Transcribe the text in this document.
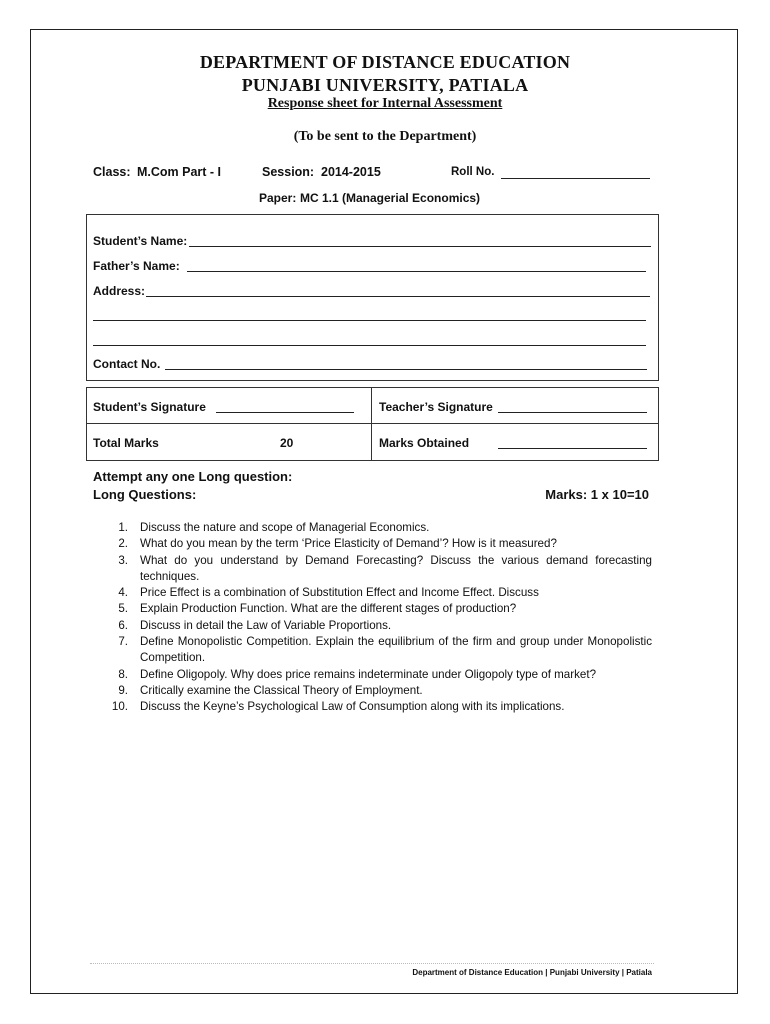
DEPARTMENT OF DISTANCE EDUCATION
PUNJABI UNIVERSITY, PATIALA
Response sheet for Internal Assessment
(To be sent to the Department)
Class: M.Com Part - I	Session: 2014-2015	Roll No.
Paper: MC 1.1 (Managerial Economics)
Student’s Name:
Father’s Name:
Address:
Contact No.
Student’s Signature	Teacher’s Signature
Total Marks	20	Marks Obtained
Attempt any one Long question:
Long Questions:	Marks: 1 x 10=10
1. Discuss the nature and scope of Managerial Economics.
2. What do you mean by the term ‘Price Elasticity of Demand’? How is it measured?
3. What do you understand by Demand Forecasting? Discuss the various demand forecasting techniques.
4. Price Effect is a combination of Substitution Effect and Income Effect. Discuss
5. Explain Production Function. What are the different stages of production?
6. Discuss in detail the Law of Variable Proportions.
7. Define Monopolistic Competition. Explain the equilibrium of the firm and group under Monopolistic Competition.
8. Define Oligopoly. Why does price remains indeterminate under Oligopoly type of market?
9. Critically examine the Classical Theory of Employment.
10. Discuss the Keyne’s Psychological Law of Consumption along with its implications.
Department of Distance Education | Punjabi University | Patiala
